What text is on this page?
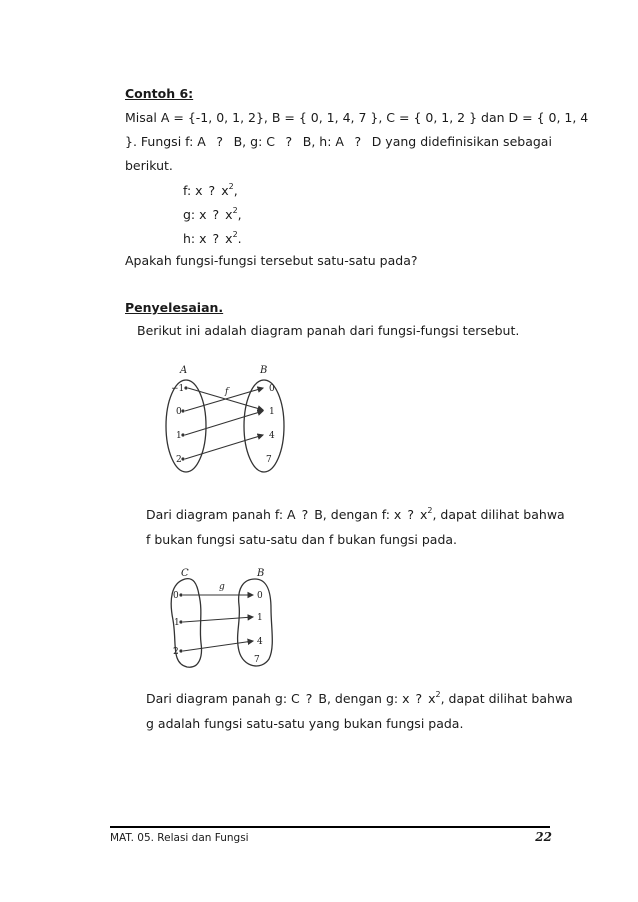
Contoh 6:
Misal A = {-1, 0, 1, 2}, B = { 0, 1, 4, 7 }, C = { 0, 1, 2 } dan D = { 0, 1, 4
}. Fungsi f: A ? B, g: C ? B, h: A ? D yang didefinisikan sebagai
berikut.
f: x ? $x^2$,
g: x ? $x^2$,
h: x ? $x^2$.
Apakah fungsi-fungsi tersebut satu-satu pada?
Penyelesaian.
Berikut ini adalah diagram panah dari fungsi-fungsi tersebut.
A	B
f
−1
0
1
2
0
1
4
7
Dari diagram panah f: A ? B, dengan f: x ? $x^2$, dapat dilihat bahwa
f bukan fungsi satu-satu dan f bukan fungsi pada.
C	B
g
0
1
2
0
1
4
7
Dari diagram panah g: C ? B, dengan g: x ? $x^2$, dapat dilihat bahwa
g adalah fungsi satu-satu yang bukan fungsi pada.
MAT. 05. Relasi dan Fungsi	22
